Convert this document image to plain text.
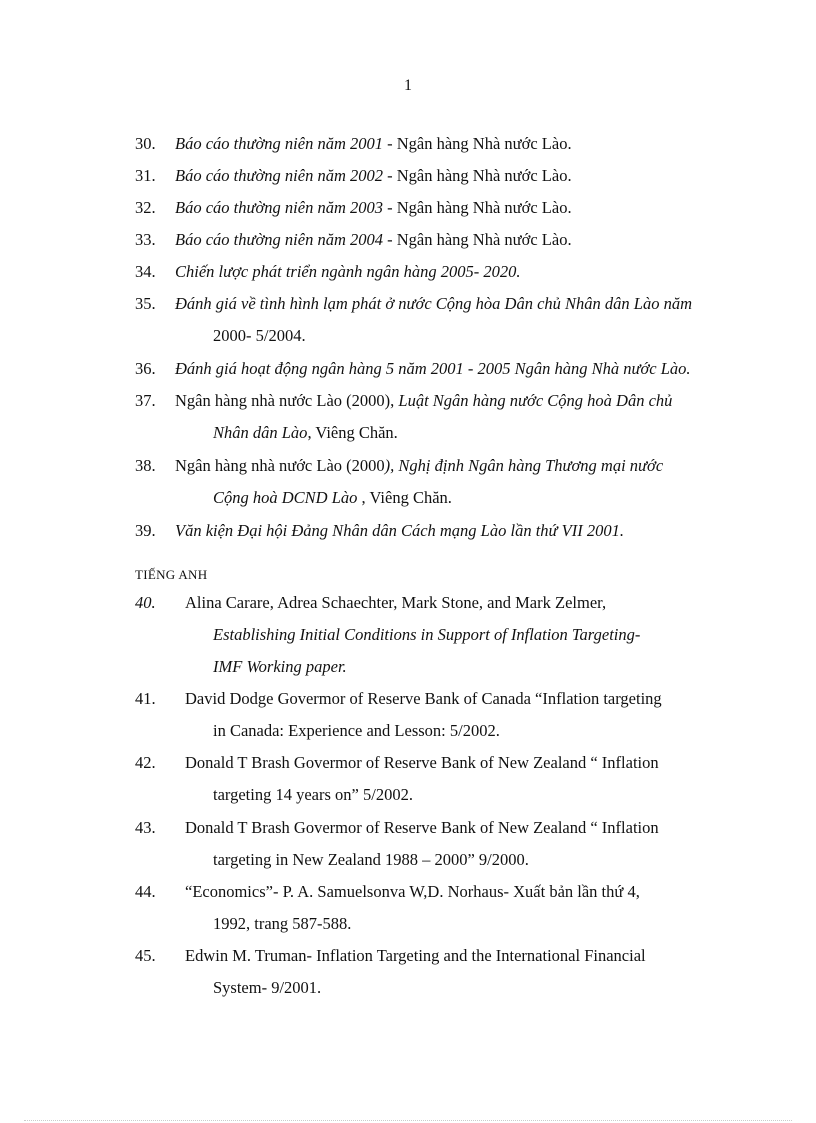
1
30. Báo cáo thường niên năm 2001 - Ngân hàng Nhà nước Lào.
31. Báo cáo thường niên năm 2002 - Ngân hàng Nhà nước Lào.
32. Báo cáo thường niên năm 2003 - Ngân hàng Nhà nước Lào.
33. Báo cáo thường niên năm 2004 - Ngân hàng Nhà nước Lào.
34. Chiến lược phát triển ngành ngân hàng 2005- 2020.
35. Đánh giá về tình hình lạm phát ở nước Cộng hòa Dân chủ Nhân dân Lào năm
2000- 5/2004.
36. Đánh giá hoạt động ngân hàng 5 năm 2001 - 2005 Ngân hàng Nhà nước Lào.
37. Ngân hàng nhà nước Lào (2000), Luật Ngân hàng nước Cộng hoà Dân chủ
Nhân dân Lào, Viêng Chăn.
38. Ngân hàng nhà nước Lào (2000), Nghị định Ngân hàng Thương mại nước
Cộng hoà DCND Lào , Viêng Chăn.
39. Văn kiện Đại hội Đảng Nhân dân Cách mạng Lào lần thứ VII 2001.
TIẾNG ANH
40.	Alina Carare, Adrea Schaechter, Mark Stone, and Mark Zelmer,
Establishing Initial Conditions in Support of Inflation Targeting-
IMF Working paper.
41.	David Dodge Govermor of Reserve Bank of Canada “Inflation targeting
in Canada: Experience and Lesson: 5/2002.
42.	Donald T Brash Govermor of Reserve Bank of New Zealand “ Inflation
targeting 14 years on” 5/2002.
43.	Donald T Brash Govermor of Reserve Bank of New Zealand “ Inflation
targeting in New Zealand 1988 – 2000” 9/2000.
44.	“Economics”- P. A. Samuelsonva W,D. Norhaus- Xuất bản lần thứ 4,
1992, trang 587-588.
45.	Edwin M. Truman- Inflation Targeting and the International Financial
System- 9/2001.
